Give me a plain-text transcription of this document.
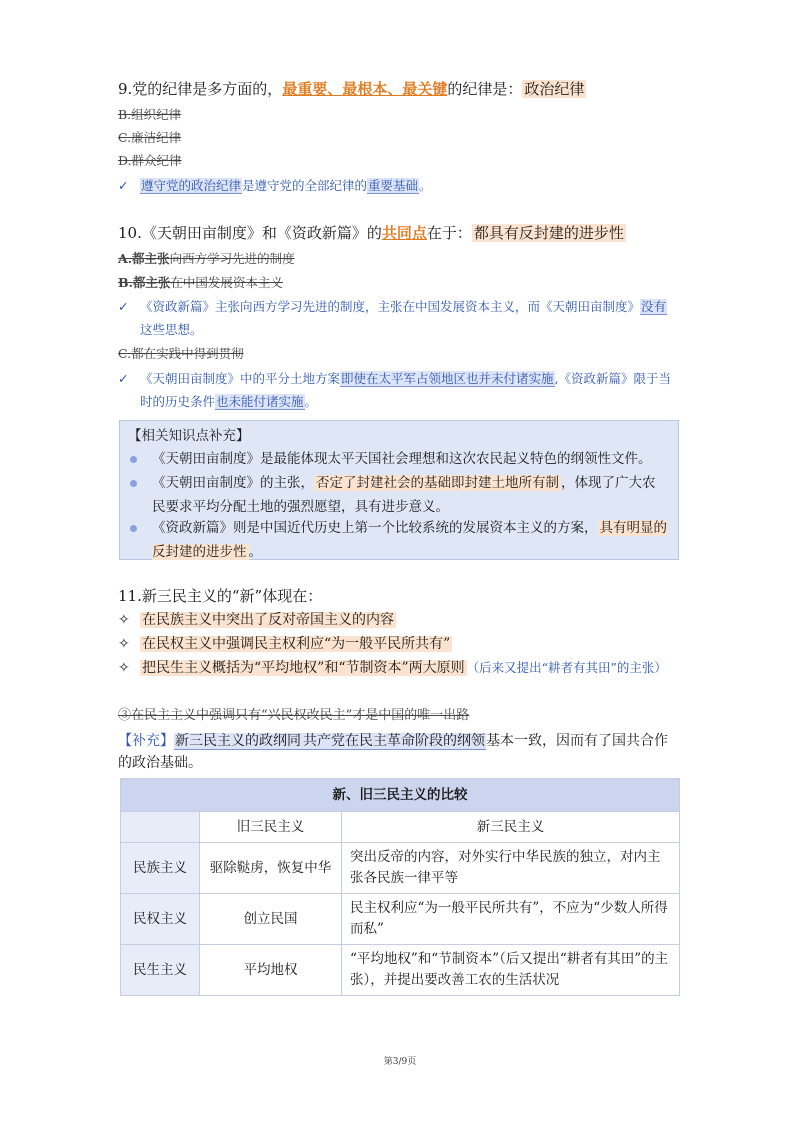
9.党的纪律是多方面的，最重要、最根本、最关键的纪律是： 政治纪律
B.组织纪律
C.廉洁纪律
D.群众纪律
✓	遵守党的政治纪律是遵守党的全部纪律的重要基础。
10.《天朝田亩制度》和《资政新篇》的共同点在于： 都具有反封建的进步性
A.都主张向西方学习先进的制度
B.都主张在中国发展资本主义
✓ 《资政新篇》主张向西方学习先进的制度，主张在中国发展资本主义，而《天朝田亩制度》没有这些思想。
C.都在实践中得到贯彻
✓ 《天朝田亩制度》中的平分土地方案即使在太平军占领地区也并未付诸实施,《资政新篇》限于当时的历史条件也未能付诸实施。
【相关知识点补充】
《天朝田亩制度》是最能体现太平天国社会理想和这次农民起义特色的纲领性文件。
《天朝田亩制度》的主张， 否定了封建社会的基础即封建土地所有制 ，体现了广大农民要求平均分配土地的强烈愿望，具有进步意义。
《资政新篇》则是中国近代历史上第一个比较系统的发展资本主义的方案， 具有明显的反封建的进步性 。
11.新三民主义的“新”体现在：
✧ 在民族主义中突出了反对帝国主义的内容
✧ 在民权主义中强调民主权利应“为一般平民所共有”
✧ 把民生主义概括为“平均地权”和“节制资本”两大原则 （后来又提出“耕者有其田”的主张）
③在民主主义中强调只有“兴民权改民主”才是中国的唯一出路
【补充】新三民主义的政纲同 共产党在民主革命阶段的纲领基本一致，因而有了国共合作的政治基础。
新、旧三民主义的比较		
	旧三民主义	新三民主义
民族主义	驱除鞑虏，恢复中华	突出反帝的内容，对外实行中华民族的独立，对内主张各民族一律平等
民权主义	创立民国	民主权利应“为一般平民所共有”，不应为“少数人所得而私”
民生主义	平均地权	“平均地权”和“节制资本”（后又提出“耕者有其田”的主张），并提出要改善工农的生活状况
第3/9页
